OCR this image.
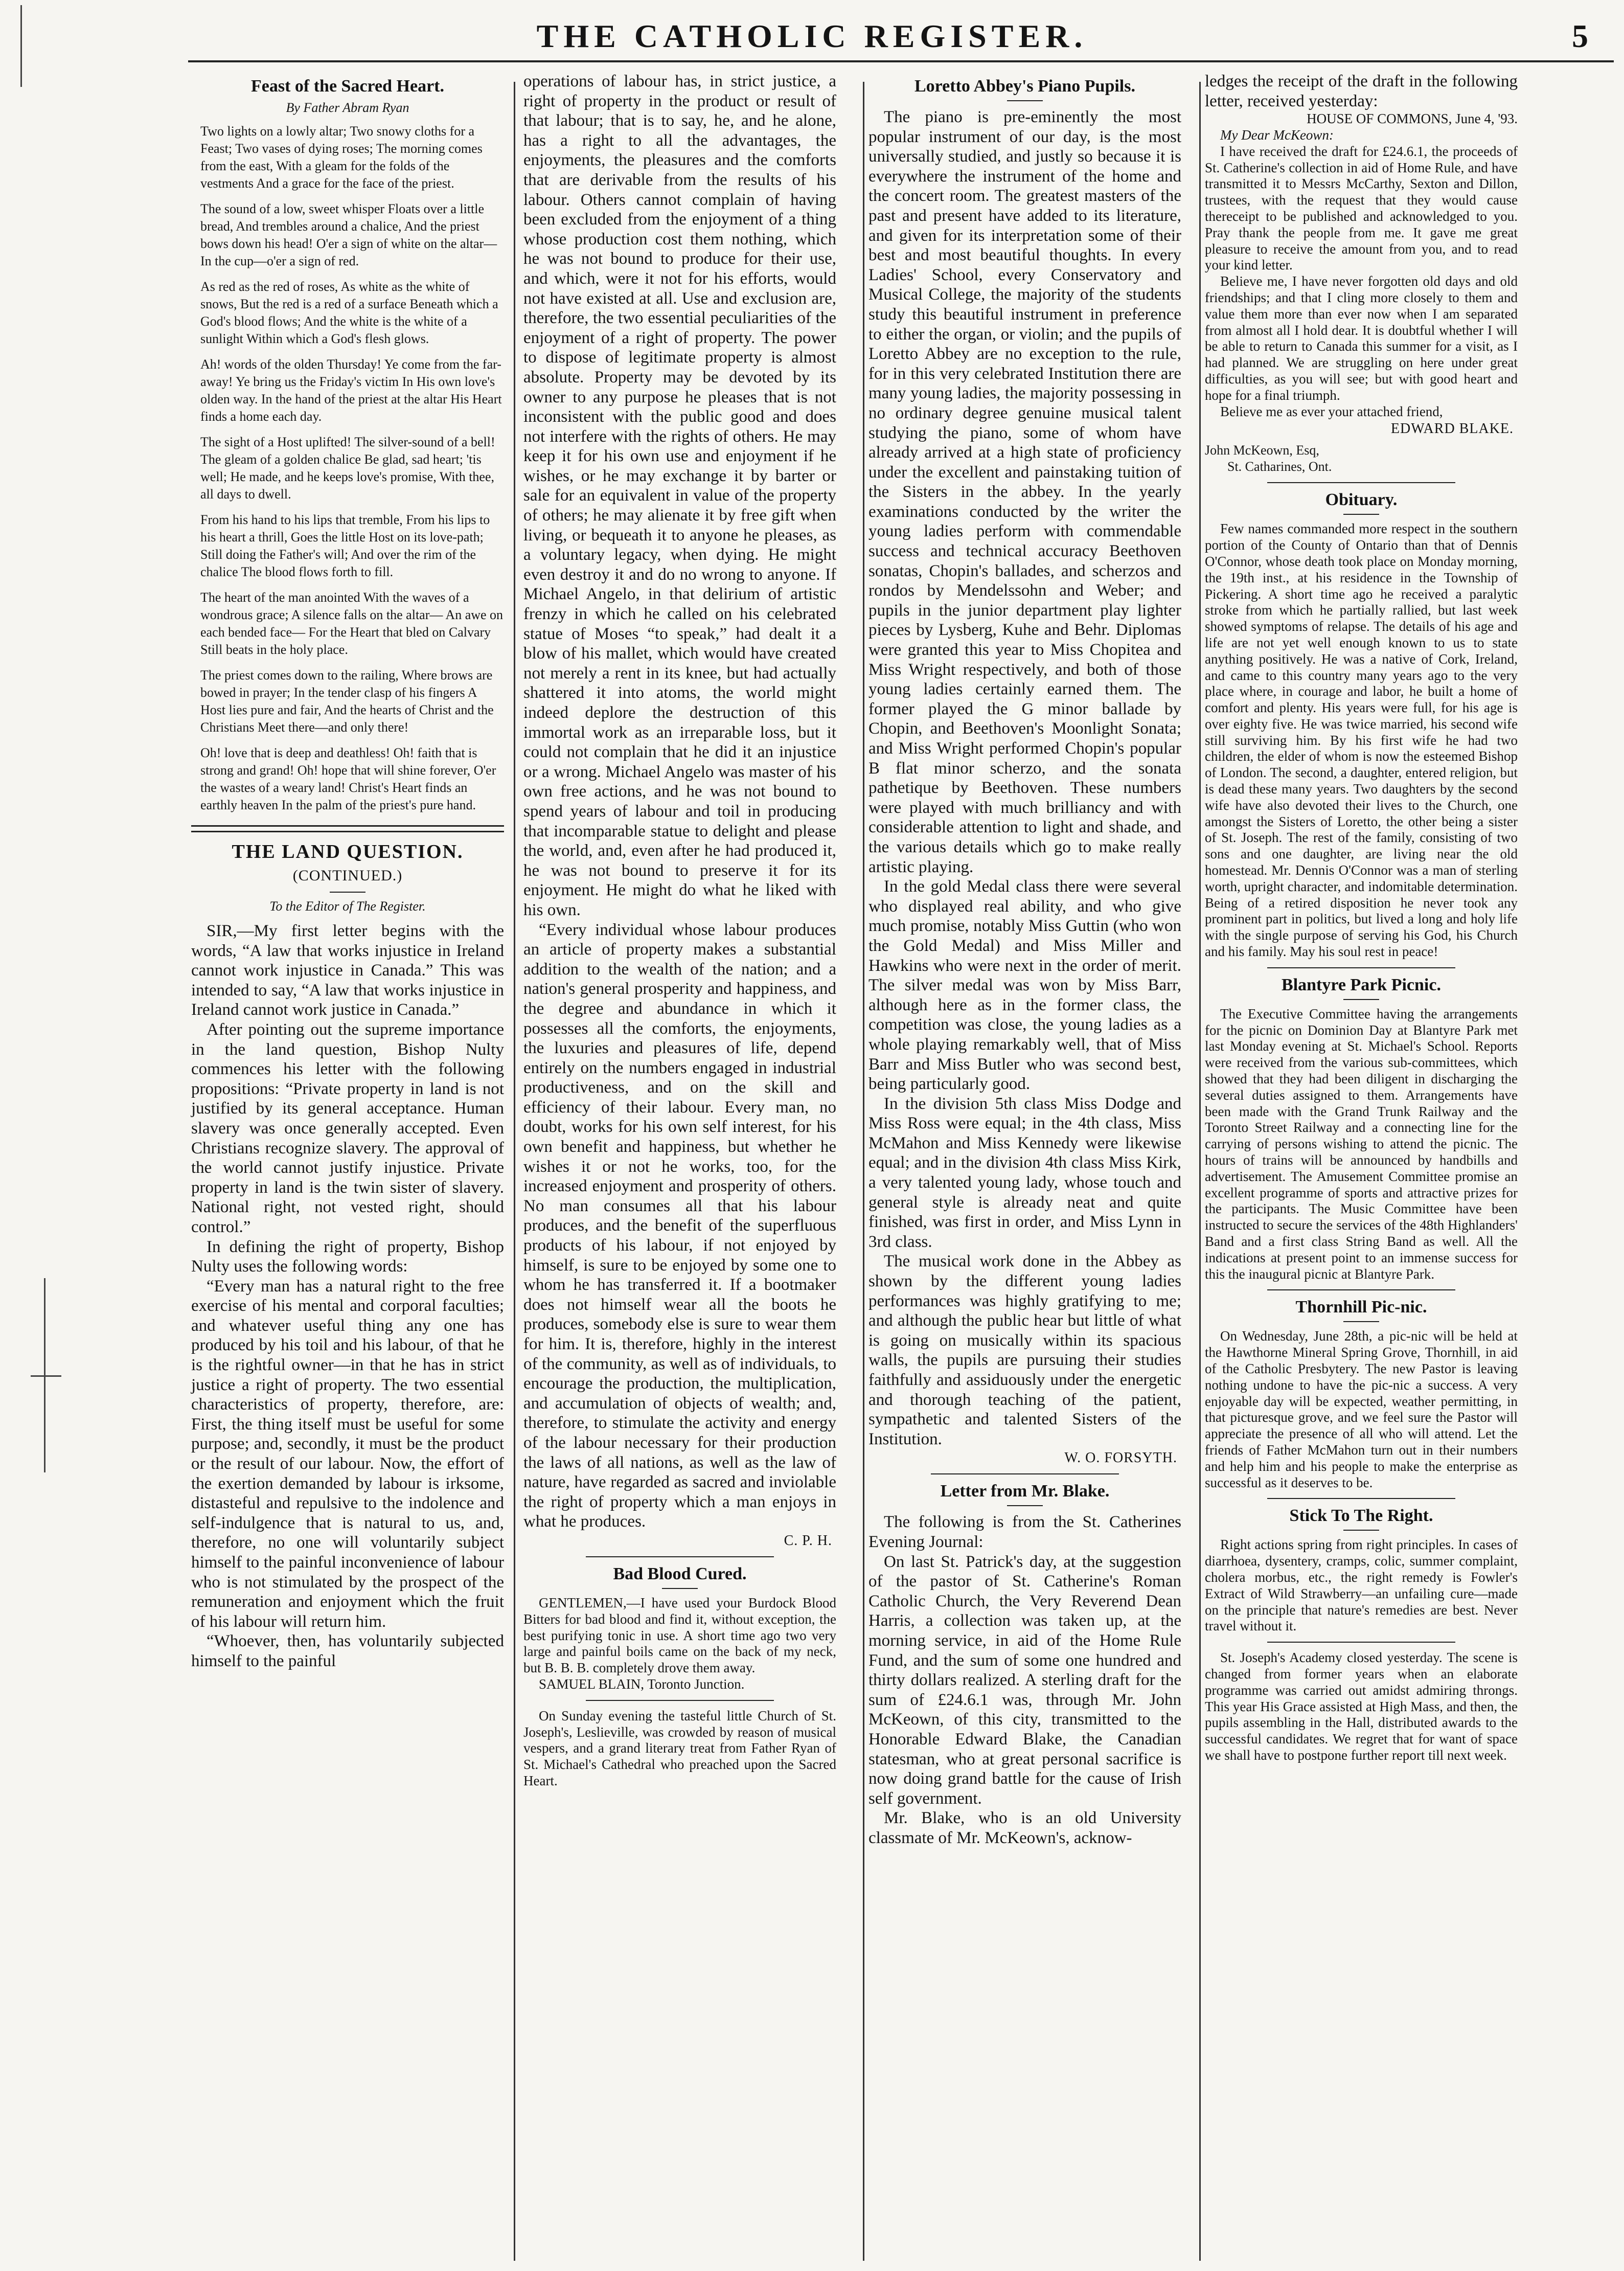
THE CATHOLIC REGISTER.	5
Feast of the Sacred Heart.
By Father Abram Ryan

Two lights on a lowly altar; Two snowy cloths for a Feast; Two vases of dying roses; The morning comes from the east, With a gleam for the folds of the vestments And a grace for the face of the priest.

The sound of a low, sweet whisper Floats over a little bread, And trembles around a chalice, And the priest bows down his head! O'er a sign of white on the altar— In the cup—o'er a sign of red.

As red as the red of roses, As white as the white of snows, But the red is a red of a surface Beneath which a God's blood flows; And the white is the white of a sunlight Within which a God's flesh glows.

Ah! words of the olden Thursday! Ye come from the far-away! Ye bring us the Friday's victim In His own love's olden way. In the hand of the priest at the altar His Heart finds a home each day.

The sight of a Host uplifted! The silver-sound of a bell! The gleam of a golden chalice Be glad, sad heart; 'tis well; He made, and he keeps love's promise, With thee, all days to dwell.

From his hand to his lips that tremble, From his lips to his heart a thrill, Goes the little Host on its love-path; Still doing the Father's will; And over the rim of the chalice The blood flows forth to fill.

The heart of the man anointed With the waves of a wondrous grace; A silence falls on the altar— An awe on each bended face— For the Heart that bled on Calvary Still beats in the holy place.

The priest comes down to the railing, Where brows are bowed in prayer; In the tender clasp of his fingers A Host lies pure and fair, And the hearts of Christ and the Christians Meet there—and only there!

Oh! love that is deep and deathless! Oh! faith that is strong and grand! Oh! hope that will shine forever, O'er the wastes of a weary land! Christ's Heart finds an earthly heaven In the palm of the priest's pure hand.

THE LAND QUESTION.
(CONTINUED.)
To the Editor of The Register.

SIR,—My first letter begins with the words, “A law that works injustice in Ireland cannot work injustice in Canada.” This was intended to say, “A law that works injustice in Ireland cannot work justice in Canada.”

After pointing out the supreme importance in the land question, Bishop Nulty commences his letter with the following propositions: “Private property in land is not justified by its general acceptance. Human slavery was once generally accepted. Even Christians recognize slavery. The approval of the world cannot justify injustice. Private property in land is the twin sister of slavery. National right, not vested right, should control.”

In defining the right of property, Bishop Nulty uses the following words:

“Every man has a natural right to the free exercise of his mental and corporal faculties; and whatever useful thing any one has produced by his toil and his labour, of that he is the rightful owner—in that he has in strict justice a right of property. The two essential characteristics of property, therefore, are: First, the thing itself must be useful for some purpose; and, secondly, it must be the product or the result of our labour. Now, the effort of the exertion demanded by labour is irksome, distasteful and repulsive to the indolence and self-indulgence that is natural to us, and, therefore, no one will voluntarily subject himself to the painful inconvenience of labour who is not stimulated by the prospect of the remuneration and enjoyment which the fruit of his labour will return him.

“Whoever, then, has voluntarily subjected himself to the painful

operations of labour has, in strict justice, a right of property in the product or result of that labour; that is to say, he, and he alone, has a right to all the advantages, the enjoyments, the pleasures and the comforts that are derivable from the results of his labour. Others cannot complain of having been excluded from the enjoyment of a thing whose production cost them nothing, which he was not bound to produce for their use, and which, were it not for his efforts, would not have existed at all. Use and exclusion are, therefore, the two essential peculiarities of the enjoyment of a right of property. The power to dispose of legitimate property is almost absolute. Property may be devoted by its owner to any purpose he pleases that is not inconsistent with the public good and does not interfere with the rights of others. He may keep it for his own use and enjoyment if he wishes, or he may exchange it by barter or sale for an equivalent in value of the property of others; he may alienate it by free gift when living, or bequeath it to anyone he pleases, as a voluntary legacy, when dying. He might even destroy it and do no wrong to anyone. If Michael Angelo, in that delirium of artistic frenzy in which he called on his celebrated statue of Moses “to speak,” had dealt it a blow of his mallet, which would have created not merely a rent in its knee, but had actually shattered it into atoms, the world might indeed deplore the destruction of this immortal work as an irreparable loss, but it could not complain that he did it an injustice or a wrong. Michael Angelo was master of his own free actions, and he was not bound to spend years of labour and toil in producing that incomparable statue to delight and please the world, and, even after he had produced it, he was not bound to preserve it for its enjoyment. He might do what he liked with his own.

“Every individual whose labour produces an article of property makes a substantial addition to the wealth of the nation; and a nation's general prosperity and happiness, and the degree and abundance in which it possesses all the comforts, the enjoyments, the luxuries and pleasures of life, depend entirely on the numbers engaged in industrial productiveness, and on the skill and efficiency of their labour. Every man, no doubt, works for his own self interest, for his own benefit and happiness, but whether he wishes it or not he works, too, for the increased enjoyment and prosperity of others. No man consumes all that his labour produces, and the benefit of the superfluous products of his labour, if not enjoyed by himself, is sure to be enjoyed by some one to whom he has transferred it. If a bootmaker does not himself wear all the boots he produces, somebody else is sure to wear them for him. It is, therefore, highly in the interest of the community, as well as of individuals, to encourage the production, the multiplication, and accumulation of objects of wealth; and, therefore, to stimulate the activity and energy of the labour necessary for their production the laws of all nations, as well as the law of nature, have regarded as sacred and inviolable the right of property which a man enjoys in what he produces.

C. P. H.
Bad Blood Cured.

GENTLEMEN,—I have used your Burdock Blood Bitters for bad blood and find it, without exception, the best purifying tonic in use. A short time ago two very large and painful boils came on the back of my neck, but B. B. B. completely drove them away.

SAMUEL BLAIN, Toronto Junction.

On Sunday evening the tasteful little Church of St. Joseph's, Leslieville, was crowded by reason of musical vespers, and a grand literary treat from Father Ryan of St. Michael's Cathedral who preached upon the Sacred Heart.

Loretto Abbey's Piano Pupils.

The piano is pre-eminently the most popular instrument of our day, is the most universally studied, and justly so because it is everywhere the instrument of the home and the concert room. The greatest masters of the past and present have added to its literature, and given for its interpretation some of their best and most beautiful thoughts. In every Ladies' School, every Conservatory and Musical College, the majority of the students study this beautiful instrument in preference to either the organ, or violin; and the pupils of Loretto Abbey are no exception to the rule, for in this very celebrated Institution there are many young ladies, the majority possessing in no ordinary degree genuine musical talent studying the piano, some of whom have already arrived at a high state of proficiency under the excellent and painstaking tuition of the Sisters in the abbey. In the yearly examinations conducted by the writer the young ladies perform with commendable success and technical accuracy Beethoven sonatas, Chopin's ballades, and scherzos and rondos by Mendelssohn and Weber; and pupils in the junior department play lighter pieces by Lysberg, Kuhe and Behr. Diplomas were granted this year to Miss Chopitea and Miss Wright respectively, and both of those young ladies certainly earned them. The former played the G minor ballade by Chopin, and Beethoven's Moonlight Sonata; and Miss Wright performed Chopin's popular B flat minor scherzo, and the sonata pathetique by Beethoven. These numbers were played with much brilliancy and with considerable attention to light and shade, and the various details which go to make really artistic playing.

In the gold Medal class there were several who displayed real ability, and who give much promise, notably Miss Guttin (who won the Gold Medal) and Miss Miller and Hawkins who were next in the order of merit. The silver medal was won by Miss Barr, although here as in the former class, the competition was close, the young ladies as a whole playing remarkably well, that of Miss Barr and Miss Butler who was second best, being particularly good.

In the division 5th class Miss Dodge and Miss Ross were equal; in the 4th class, Miss McMahon and Miss Kennedy were likewise equal; and in the division 4th class Miss Kirk, a very talented young lady, whose touch and general style is already neat and quite finished, was first in order, and Miss Lynn in 3rd class.

The musical work done in the Abbey as shown by the different young ladies performances was highly gratifying to me; and although the public hear but little of what is going on musically within its spacious walls, the pupils are pursuing their studies faithfully and assiduously under the energetic and thorough teaching of the patient, sympathetic and talented Sisters of the Institution.

W. O. FORSYTH.
Letter from Mr. Blake.

The following is from the St. Catherines Evening Journal:

On last St. Patrick's day, at the suggestion of the pastor of St. Catherine's Roman Catholic Church, the Very Reverend Dean Harris, a collection was taken up, at the morning service, in aid of the Home Rule Fund, and the sum of some one hundred and thirty dollars realized. A sterling draft for the sum of £24.6.1 was, through Mr. John McKeown, of this city, transmitted to the Honorable Edward Blake, the Canadian statesman, who at great personal sacrifice is now doing grand battle for the cause of Irish self government.

Mr. Blake, who is an old University classmate of Mr. McKeown's, acknow-

ledges the receipt of the draft in the following letter, received yesterday:

HOUSE OF COMMONS, June 4, '93.

My Dear McKeown:

I have received the draft for £24.6.1, the proceeds of St. Catherine's collection in aid of Home Rule, and have transmitted it to Messrs McCarthy, Sexton and Dillon, trustees, with the request that they would cause thereceipt to be published and acknowledged to you. Pray thank the people from me. It gave me great pleasure to receive the amount from you, and to read your kind letter.

Believe me, I have never forgotten old days and old friendships; and that I cling more closely to them and value them more than ever now when I am separated from almost all I hold dear. It is doubtful whether I will be able to return to Canada this summer for a visit, as I had planned. We are struggling on here under great difficulties, as you will see; but with good heart and hope for a final triumph.

Believe me as ever your attached friend,

EDWARD BLAKE.
John McKeown, Esq,
St. Catharines, Ont.
Obituary.

Few names commanded more respect in the southern portion of the County of Ontario than that of Dennis O'Connor, whose death took place on Monday morning, the 19th inst., at his residence in the Township of Pickering. A short time ago he received a paralytic stroke from which he partially rallied, but last week showed symptoms of relapse. The details of his age and life are not yet well enough known to us to state anything positively. He was a native of Cork, Ireland, and came to this country many years ago to the very place where, in courage and labor, he built a home of comfort and plenty. His years were full, for his age is over eighty five. He was twice married, his second wife still surviving him. By his first wife he had two children, the elder of whom is now the esteemed Bishop of London. The second, a daughter, entered religion, but is dead these many years. Two daughters by the second wife have also devoted their lives to the Church, one amongst the Sisters of Loretto, the other being a sister of St. Joseph. The rest of the family, consisting of two sons and one daughter, are living near the old homestead. Mr. Dennis O'Connor was a man of sterling worth, upright character, and indomitable determination. Being of a retired disposition he never took any prominent part in politics, but lived a long and holy life with the single purpose of serving his God, his Church and his family. May his soul rest in peace!

Blantyre Park Picnic.

The Executive Committee having the arrangements for the picnic on Dominion Day at Blantyre Park met last Monday evening at St. Michael's School. Reports were received from the various sub-committees, which showed that they had been diligent in discharging the several duties assigned to them. Arrangements have been made with the Grand Trunk Railway and the Toronto Street Railway and a connecting line for the carrying of persons wishing to attend the picnic. The hours of trains will be announced by handbills and advertisement. The Amusement Committee promise an excellent programme of sports and attractive prizes for the participants. The Music Committee have been instructed to secure the services of the 48th Highlanders' Band and a first class String Band as well. All the indications at present point to an immense success for this the inaugural picnic at Blantyre Park.

Thornhill Pic-nic.

On Wednesday, June 28th, a pic-nic will be held at the Hawthorne Mineral Spring Grove, Thornhill, in aid of the Catholic Presbytery. The new Pastor is leaving nothing undone to have the pic-nic a success. A very enjoyable day will be expected, weather permitting, in that picturesque grove, and we feel sure the Pastor will appreciate the presence of all who will attend. Let the friends of Father McMahon turn out in their numbers and help him and his people to make the enterprise as successful as it deserves to be.

Stick To The Right.

Right actions spring from right principles. In cases of diarrhoea, dysentery, cramps, colic, summer complaint, cholera morbus, etc., the right remedy is Fowler's Extract of Wild Strawberry—an unfailing cure—made on the principle that nature's remedies are best. Never travel without it.

St. Joseph's Academy closed yesterday. The scene is changed from former years when an elaborate programme was carried out amidst admiring throngs. This year His Grace assisted at High Mass, and then, the pupils assembling in the Hall, distributed awards to the successful candidates. We regret that for want of space we shall have to postpone further report till next week.
